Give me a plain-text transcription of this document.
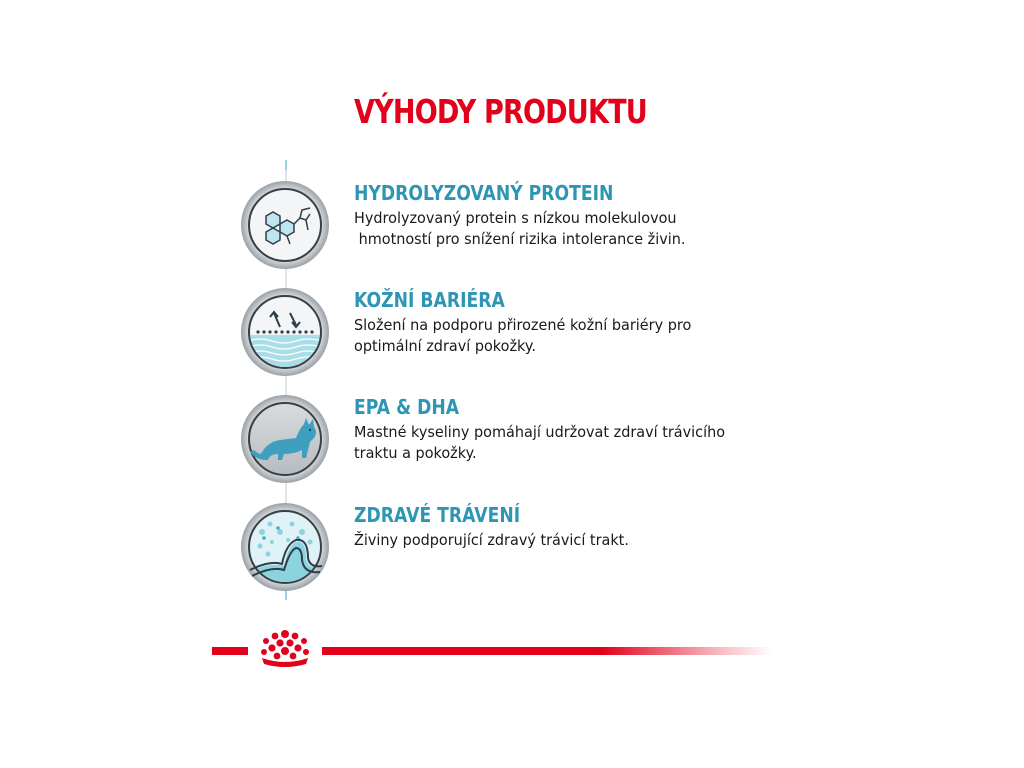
VÝHODY PRODUKTU
HYDROLYZOVANÝ PROTEIN
Hydrolyzovaný protein s nízkou molekulovou
hmotností pro snížení rizika intolerance živin.
KOŽNÍ BARIÉRA
Složení na podporu přirozené kožní bariéry pro
optimální zdraví pokožky.
EPA & DHA
Mastné kyseliny pomáhají udržovat zdraví trávicího
traktu a pokožky.
ZDRAVÉ TRÁVENÍ
Živiny podporující zdravý trávicí trakt.
